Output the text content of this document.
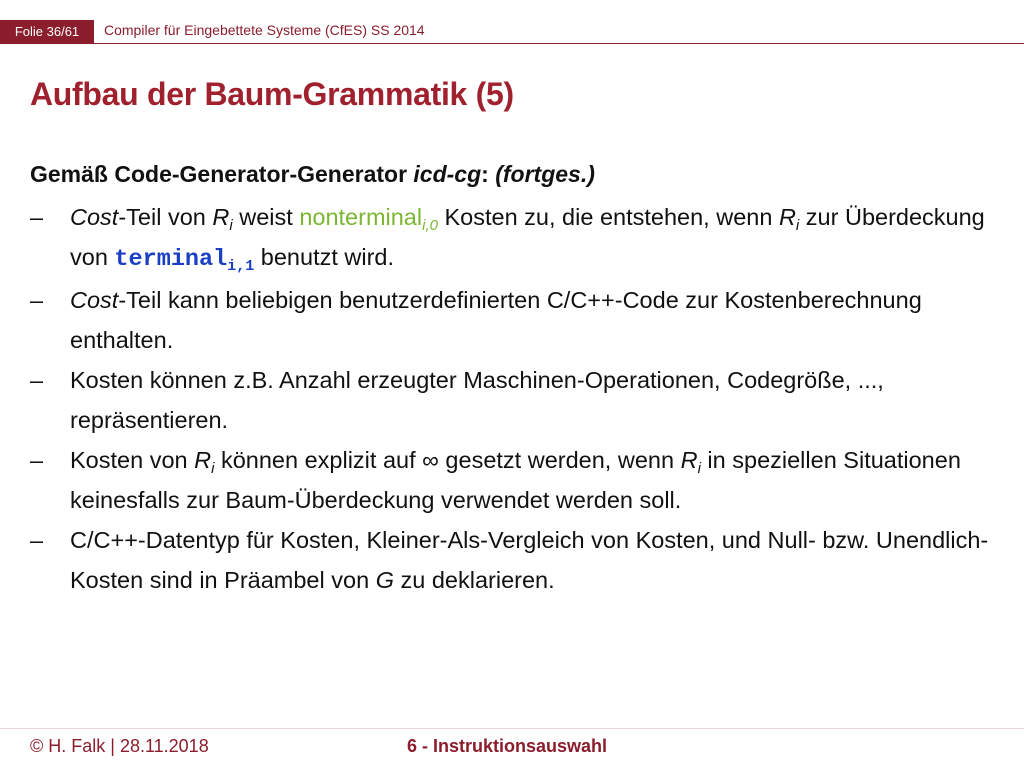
Folie 36/61	Compiler für Eingebettete Systeme (CfES) SS 2014
Aufbau der Baum-Grammatik (5)
Gemäß Code-Generator-Generator icd-cg: (fortges.)
– Cost-Teil von $R_i$ weist nonterminal$_{i,0}$ Kosten zu, die entstehen, wenn $R_i$ zur Überdeckung von terminal$_{i,1}$ benutzt wird.
– Cost-Teil kann beliebigen benutzerdefinierten C/C++-Code zur Kostenberechnung enthalten.
– Kosten können z.B. Anzahl erzeugter Maschinen-Operationen, Codegröße, ..., repräsentieren.
– Kosten von $R_i$ können explizit auf ∞ gesetzt werden, wenn $R_i$ in speziellen Situationen keinesfalls zur Baum-Überdeckung verwendet werden soll.
– C/C++-Datentyp für Kosten, Kleiner-Als-Vergleich von Kosten, und Null- bzw. Unendlich-Kosten sind in Präambel von G zu deklarieren.
© H. Falk | 28.11.2018	6 - Instruktionsauswahl
